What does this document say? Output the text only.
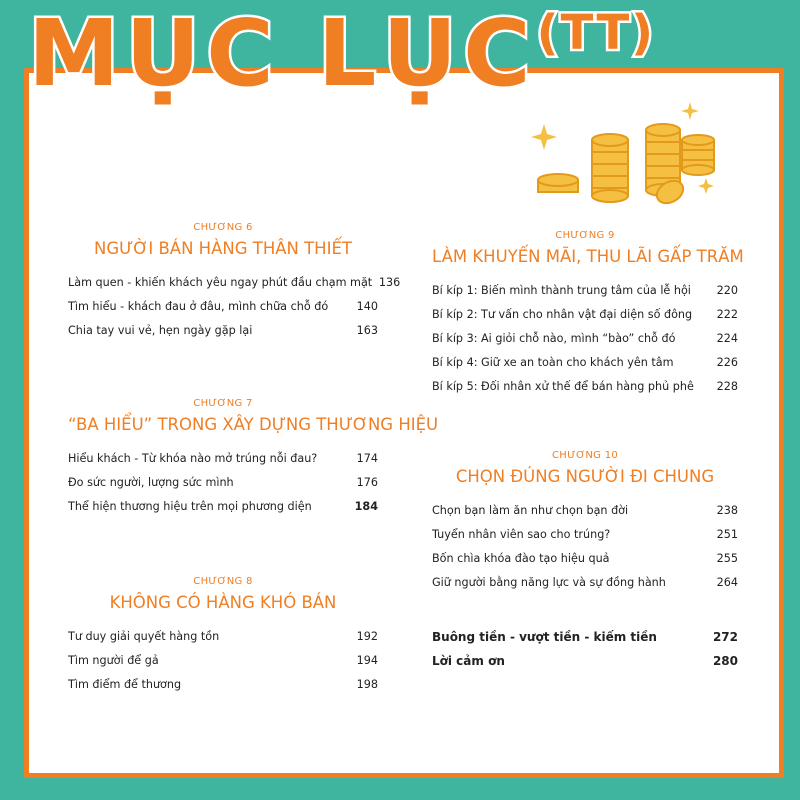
MỤC LỤC$^{(TT)}$
CHƯƠNG 6
NGƯỜI BÁN HÀNG THÂN THIẾT
Làm quen - khiến khách yêu ngay phút đầu chạm mặt 136
Tìm hiểu - khách đau ở đâu, mình chữa chỗ đó	140
Chia tay vui vẻ, hẹn ngày gặp lại	163
CHƯƠNG 7
“BA HIỂU” TRONG XÂY DỰNG THƯƠNG HIỆU
Hiểu khách - Từ khóa nào mở trúng nỗi đau?	174
Đo sức người, lượng sức mình	176
Thể hiện thương hiệu trên mọi phương diện	184
CHƯƠNG 8
KHÔNG CÓ HÀNG KHÓ BÁN
Tư duy giải quyết hàng tồn	192
Tìm người để gả	194
Tìm điểm để thương	198
CHƯƠNG 9
LÀM KHUYẾN MÃI, THU LÃI GẤP TRĂM
Bí kíp 1: Biến mình thành trung tâm của lễ hội	220
Bí kíp 2: Tư vấn cho nhân vật đại diện số đông	222
Bí kíp 3: Ai giỏi chỗ nào, mình “bào” chỗ đó	224
Bí kíp 4: Giữ xe an toàn cho khách yên tâm	226
Bí kíp 5: Đối nhân xử thế để bán hàng phủ phê	228
CHƯƠNG 10
CHỌN ĐÚNG NGƯỜI ĐI CHUNG
Chọn bạn làm ăn như chọn bạn đời	238
Tuyển nhân viên sao cho trúng?	251
Bốn chìa khóa đào tạo hiệu quả	255
Giữ người bằng năng lực và sự đồng hành	264
Buông tiền - vượt tiền - kiếm tiền	272
Lời cảm ơn	280
